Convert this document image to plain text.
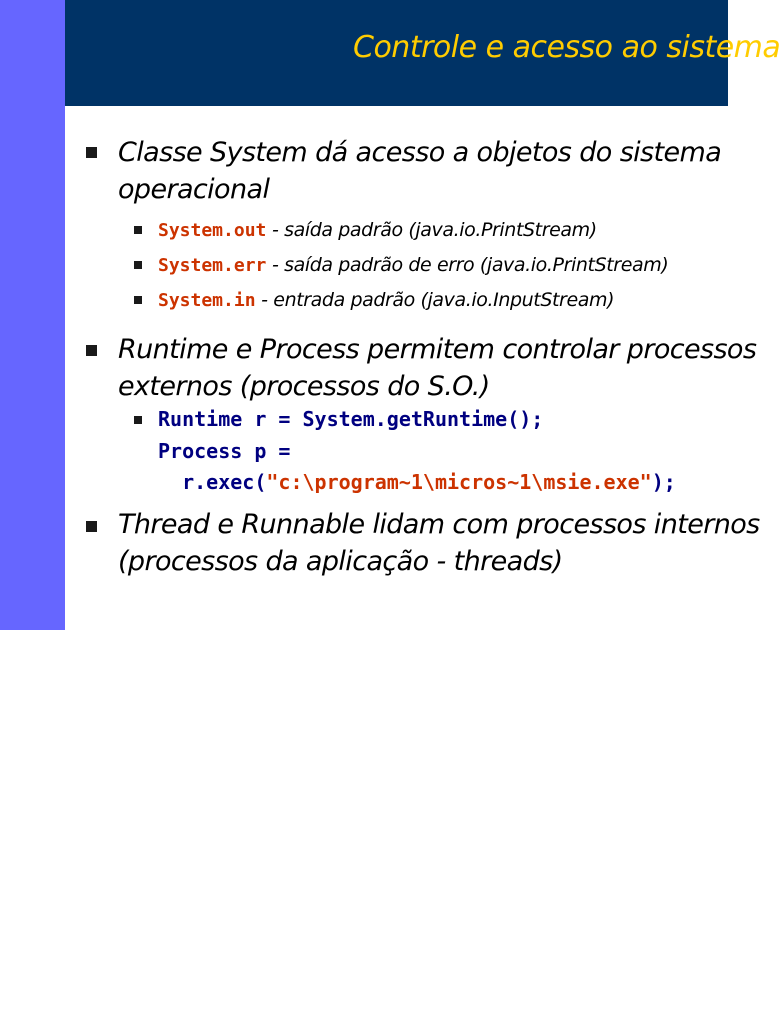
Controle e acesso ao sistema
Classe System dá acesso a objetos do sistema
operacional
System.out - saída padrão (java.io.PrintStream)
System.err - saída padrão de erro (java.io.PrintStream)
System.in - entrada padrão (java.io.InputStream)
Runtime e Process permitem controlar processos
externos (processos do S.O.)
Runtime r = System.getRuntime();
Process p =
r.exec("c:\program~1\micros~1\msie.exe");
Thread e Runnable lidam com processos internos
(processos da aplicação - threads)
